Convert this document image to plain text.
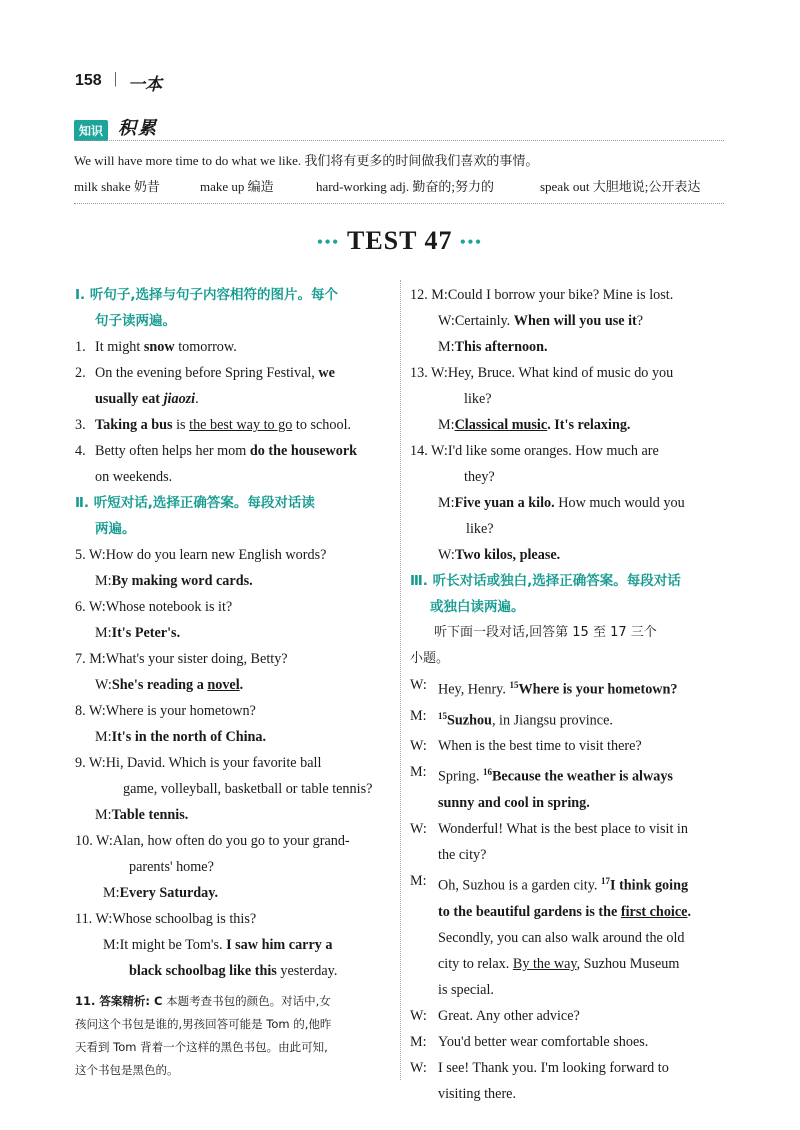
158 | 一本
知识 积累
We will have more time to do what we like. 我们将有更多的时间做我们喜欢的事情。
milk shake 奶昔	make up 编造	hard-working adj. 勤奋的;努力的	speak out 大胆地说;公开表达
••• TEST 47 •••
Ⅰ. 听句子,选择与句子内容相符的图片。每个
句子读两遍。
1. It might snow tomorrow.
2. On the evening before Spring Festival, we
usually eat jiaozi.
3. Taking a bus is the best way to go to school.
4. Betty often helps her mom do the housework
on weekends.
Ⅱ. 听短对话,选择正确答案。每段对话读
两遍。
5. W:How do you learn new English words?
M:By making word cards.
6. W:Whose notebook is it?
M:It's Peter's.
7. M:What's your sister doing, Betty?
W:She's reading a novel.
8. W:Where is your hometown?
M:It's in the north of China.
9. W:Hi, David. Which is your favorite ball
game, volleyball, basketball or table tennis?
M:Table tennis.
10. W:Alan, how often do you go to your grand-
parents' home?
M:Every Saturday.
11. W:Whose schoolbag is this?
M:It might be Tom's. I saw him carry a
black schoolbag like this yesterday.
11. 答案精析: C 本题考查书包的颜色。对话中,女
孩问这个书包是谁的,男孩回答可能是 Tom 的,他昨
天看到 Tom 背着一个这样的黑色书包。由此可知,
这个书包是黑色的。
12. M:Could I borrow your bike? Mine is lost.
W:Certainly. When will you use it?
M:This afternoon.
13. W:Hey, Bruce. What kind of music do you
like?
M:Classical music. It's relaxing.
14. W:I'd like some oranges. How much are
they?
M:Five yuan a kilo. How much would you
like?
W:Two kilos, please.
Ⅲ. 听长对话或独白,选择正确答案。每段对话
或独白读两遍。
听下面一段对话,回答第 15 至 17 三个
小题。
W: Hey, Henry. $^{15}$Where is your hometown?
M: $^{15}$Suzhou, in Jiangsu province.
W: When is the best time to visit there?
M: Spring. $^{16}$Because the weather is always
sunny and cool in spring.
W: Wonderful! What is the best place to visit in
the city?
M: Oh, Suzhou is a garden city. $^{17}$I think going
to the beautiful gardens is the first choice.
Secondly, you can also walk around the old
city to relax. By the way, Suzhou Museum
is special.
W: Great. Any other advice?
M: You'd better wear comfortable shoes.
W: I see! Thank you. I'm looking forward to
visiting there.
